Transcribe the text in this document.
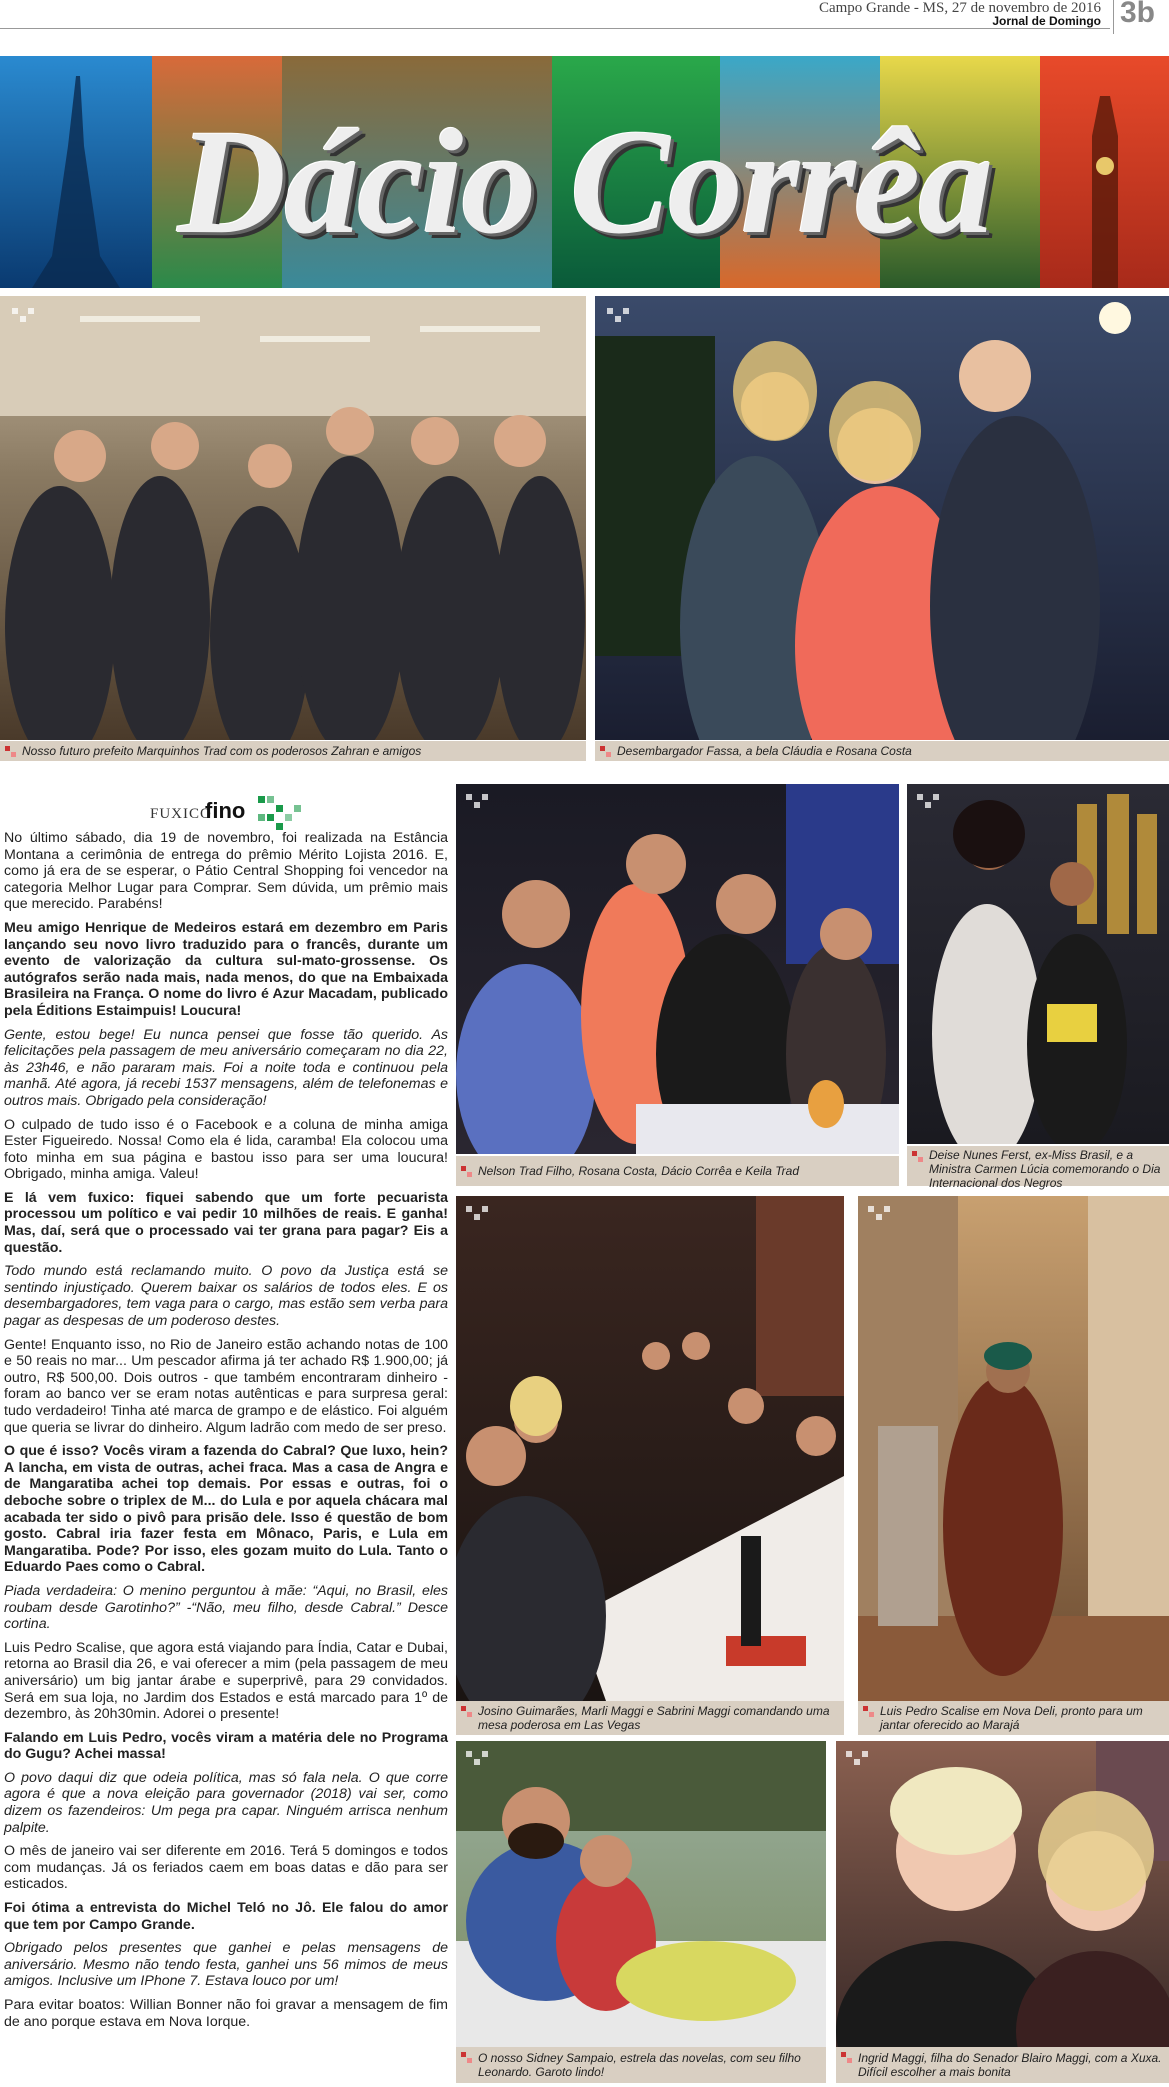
Campo Grande - MS, 27 de novembro de 2016
Jornal de Domingo 3b
Dácio Corrêa
Nosso futuro prefeito Marquinhos Trad com os poderosos Zahran e amigos	Desembargador Fassa, a bela Cláudia e Rosana Costa
FUXICO
fino

No último sábado, dia 19 de novembro, foi realizada na Estância Montana a cerimônia de entrega do prêmio Mérito Lojista 2016. E, como já era de se esperar, o Pátio Central Shopping foi vencedor na categoria Melhor Lugar para Comprar. Sem dúvida, um prêmio mais que merecido. Parabéns!

Meu amigo Henrique de Medeiros estará em dezembro em Paris lançando seu novo livro traduzido para o francês, durante um evento de valorização da cultura sul-mato-grossense. Os autógrafos serão nada mais, nada menos, do que na Embaixada Brasileira na França. O nome do livro é Azur Macadam, publicado pela Éditions Estaimpuis! Loucura!

Gente, estou bege! Eu nunca pensei que fosse tão querido. As felicitações pela passagem de meu aniversário começaram no dia 22, às 23h46, e não pararam mais. Foi a noite toda e continuou pela manhã. Até agora, já recebi 1537 mensagens, além de telefonemas e outros mais. Obrigado pela consideração!

O culpado de tudo isso é o Facebook e a coluna de minha amiga Ester Figueiredo. Nossa! Como ela é lida, caramba! Ela colocou uma foto minha em sua página e bastou isso para ser uma loucura! Obrigado, minha amiga. Valeu!

E lá vem fuxico: fiquei sabendo que um forte pecuarista processou um político e vai pedir 10 milhões de reais. E ganha! Mas, daí, será que o processado vai ter grana para pagar? Eis a questão.

Todo mundo está reclamando muito. O povo da Justiça está se sentindo injustiçado. Querem baixar os salários de todos eles. E os desembargadores, tem vaga para o cargo, mas estão sem verba para pagar as despesas de um poderoso destes.

Gente! Enquanto isso, no Rio de Janeiro estão achando notas de 100 e 50 reais no mar... Um pescador afirma já ter achado R$ 1.900,00; já outro, R$ 500,00. Dois outros - que também encontraram dinheiro - foram ao banco ver se eram notas autênticas e para surpresa geral: tudo verdadeiro! Tinha até marca de grampo e de elástico. Foi alguém que queria se livrar do dinheiro. Algum ladrão com medo de ser preso.

O que é isso? Vocês viram a fazenda do Cabral? Que luxo, hein? A lancha, em vista de outras, achei fraca. Mas a casa de Angra e de Mangaratiba achei top demais. Por essas e outras, foi o deboche sobre o triplex de M... do Lula e por aquela chácara mal acabada ter sido o pivô para prisão dele. Isso é questão de bom gosto. Cabral iria fazer festa em Mônaco, Paris, e Lula em Mangaratiba. Pode? Por isso, eles gozam muito do Lula. Tanto o Eduardo Paes como o Cabral.

Piada verdadeira: O menino perguntou à mãe: “Aqui, no Brasil, eles roubam desde Garotinho?” -“Não, meu filho, desde Cabral.” Desce cortina.

Luis Pedro Scalise, que agora está viajando para Índia, Catar e Dubai, retorna ao Brasil dia 26, e vai oferecer a mim (pela passagem de meu aniversário) um big jantar árabe e superprivê, para 29 convidados. Será em sua loja, no Jardim dos Estados e está marcado para 1º de dezembro, às 20h30min. Adorei o presente!

Falando em Luis Pedro, vocês viram a matéria dele no Programa do Gugu? Achei massa!

O povo daqui diz que odeia política, mas só fala nela. O que corre agora é que a nova eleição para governador (2018) vai ser, como dizem os fazendeiros: Um pega pra capar. Ninguém arrisca nenhum palpite.

O mês de janeiro vai ser diferente em 2016. Terá 5 domingos e todos com mudanças. Já os feriados caem em boas datas e dão para ser esticados.

Foi ótima a entrevista do Michel Teló no Jô. Ele falou do amor que tem por Campo Grande.

Obrigado pelos presentes que ganhei e pelas mensagens de aniversário. Mesmo não tendo festa, ganhei uns 56 mimos de meus amigos. Inclusive um IPhone 7. Estava louco por um!

Para evitar boatos: Willian Bonner não foi gravar a mensagem de fim de ano porque estava em Nova Iorque.

Nelson Trad Filho, Rosana Costa, Dácio Corrêa e Keila Trad
Deise Nunes Ferst, ex-Miss Brasil, e a Ministra Carmen Lúcia comemorando o Dia Internacional dos Negros
Josino Guimarães, Marli Maggi e Sabrini Maggi comandando uma mesa poderosa em Las Vegas
Luis Pedro Scalise em Nova Deli, pronto para um jantar oferecido ao Marajá
O nosso Sidney Sampaio, estrela das novelas, com seu filho Leonardo. Garoto lindo!
Ingrid Maggi, filha do Senador Blairo Maggi, com a Xuxa. Difícil escolher a mais bonita
